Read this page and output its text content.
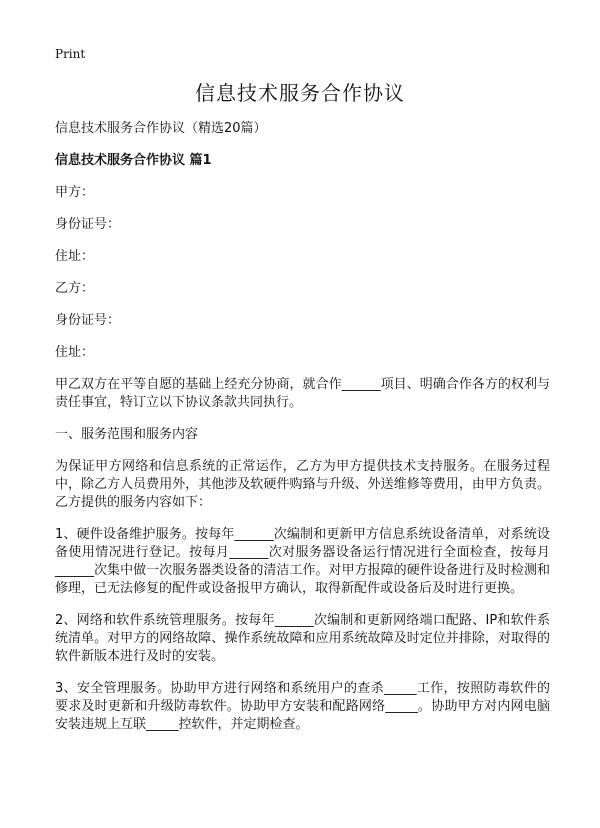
Print
信息技术服务合作协议

信息技术服务合作协议（精选20篇）

信息技术服务合作协议 篇1

甲方：

身份证号：

住址：

乙方：

身份证号：

住址：

甲乙双方在平等自愿的基础上经充分协商，就合作______项目、明确合作各方的权利与责任事宜，特订立以下协议条款共同执行。

一、服务范围和服务内容

为保证甲方网络和信息系统的正常运作，乙方为甲方提供技术支持服务。在服务过程中，除乙方人员费用外，其他涉及软硬件购臵与升级、外送维修等费用，由甲方负责。乙方提供的服务内容如下：

1、硬件设备维护服务。按每年______次编制和更新甲方信息系统设备清单，对系统设备使用情况进行登记。按每月______次对服务器设备运行情况进行全面检查，按每月______次集中做一次服务器类设备的清洁工作。对甲方报障的硬件设备进行及时检测和修理，已无法修复的配件或设备报甲方确认，取得新配件或设备后及时进行更换。

2、网络和软件系统管理服务。按每年______次编制和更新网络端口配路、IP和软件系统清单。对甲方的网络故障、操作系统故障和应用系统故障及时定位并排除，对取得的软件新版本进行及时的安装。

3、安全管理服务。协助甲方进行网络和系统用户的查杀_____工作，按照防毒软件的要求及时更新和升级防毒软件。协助甲方安装和配路网络_____。协助甲方对内网电脑安装违规上互联_____控软件，并定期检查。
